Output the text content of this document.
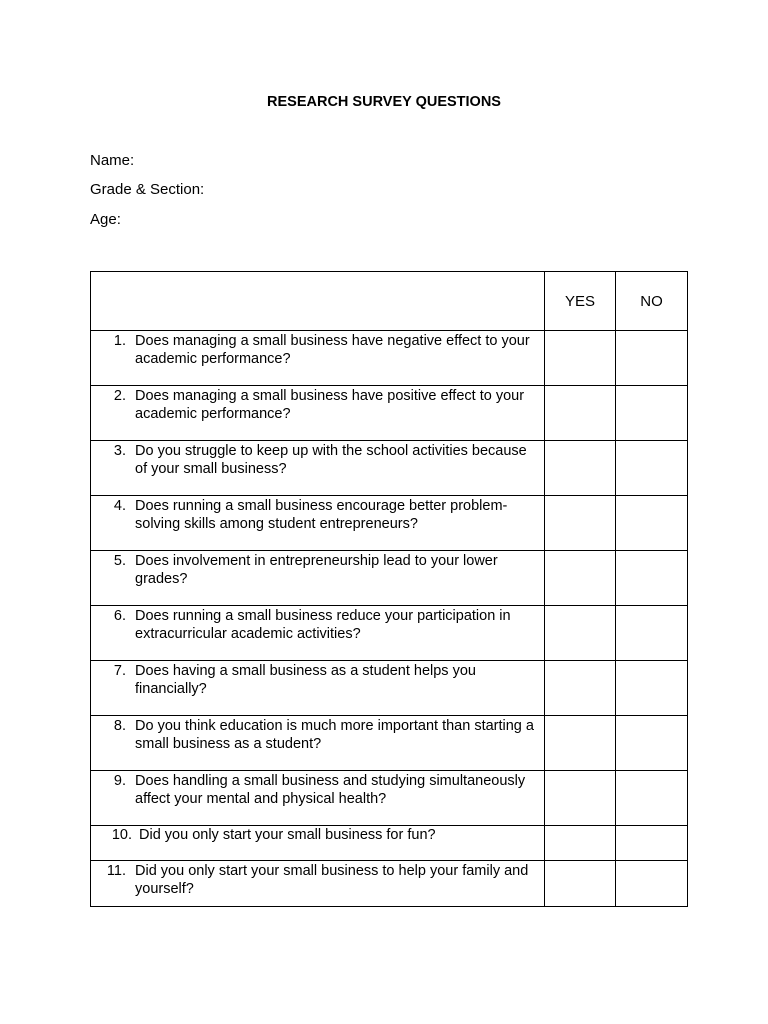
RESEARCH SURVEY QUESTIONS
Name:
Grade & Section:
Age:
	YES	NO

1. Does managing a small business have negative effect to your academic performance?		

2. Does managing a small business have positive effect to your academic performance?		

3. Do you struggle to keep up with the school activities because of your small business?		

4. Does running a small business encourage better problem-solving skills among student entrepreneurs?		

5. Does involvement in entrepreneurship lead to your lower grades?		

6. Does running a small business reduce your participation in extracurricular academic activities?		

7. Does having a small business as a student helps you financially?		

8. Do you think education is much more important than starting a small business as a student?		

9. Does handling a small business and studying simultaneously affect your mental and physical health?		

10. Did you only start your small business for fun?		

11. Did you only start your small business to help your family and yourself?		
